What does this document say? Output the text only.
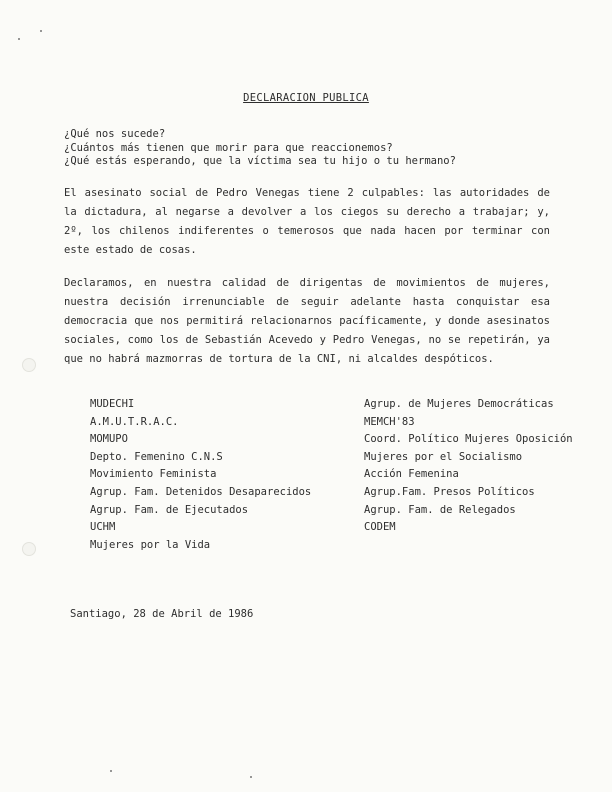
DECLARACION PUBLICA
¿Qué nos sucede?
¿Cuántos más tienen que morir para que reaccionemos?
¿Qué estás esperando, que la víctima sea tu hijo o tu hermano?
El asesinato social de Pedro Venegas tiene 2 culpables: las autoridades de la dictadura, al negarse a devolver a los ciegos su derecho a trabajar; y, 2º, los chilenos indiferentes o temerosos que nada hacen por terminar con este estado de cosas.
Declaramos, en nuestra calidad de dirigentas de movimientos de mujeres, nuestra decisión irrenunciable de seguir adelante hasta conquistar esa democracia que nos permitirá relacionarnos pacíficamente, y donde asesinatos sociales, como los de Sebastián Acevedo y Pedro Venegas, no se repetirán, ya que no habrá mazmorras de tortura de la CNI, ni alcaldes despóticos.
MUDECHI
A.M.U.T.R.A.C.
MOMUPO
Depto. Femenino C.N.S
Movimiento Feminista
Agrup. Fam. Detenidos Desaparecidos
Agrup. Fam. de Ejecutados
UCHM
Mujeres por la Vida
Agrup. de Mujeres Democráticas
MEMCH'83
Coord. Político Mujeres Oposición
Mujeres por el Socialismo
Acción Femenina
Agrup.Fam. Presos Políticos
Agrup. Fam. de Relegados
CODEM
Santiago, 28 de Abril de 1986
